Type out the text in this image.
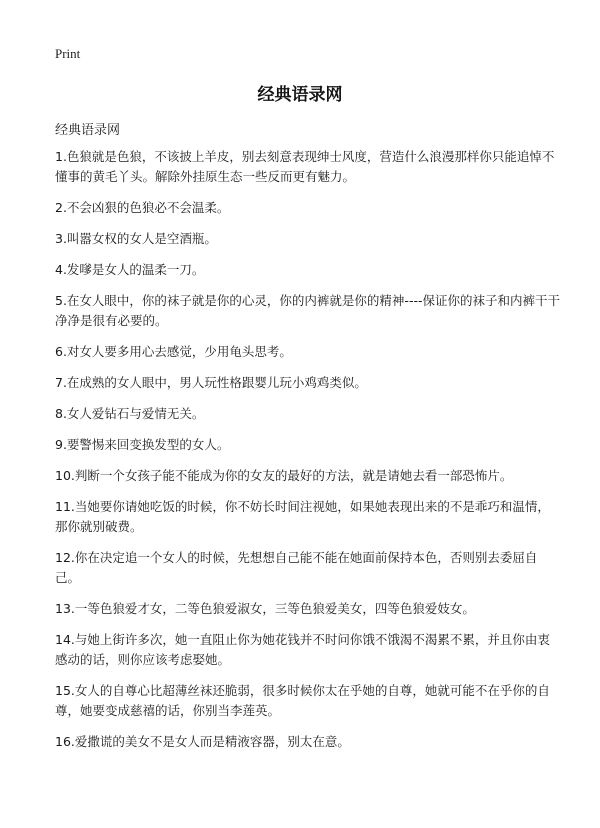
Print
经典语录网

经典语录网

1.色狼就是色狼，不该披上羊皮，别去刻意表现绅士风度，营造什么浪漫那样你只能追悼不懂事的黄毛丫头。解除外挂原生态一些反而更有魅力。
2.不会凶狠的色狼必不会温柔。
3.叫嚣女权的女人是空酒瓶。
4.发嗲是女人的温柔一刀。
5.在女人眼中，你的袜子就是你的心灵，你的内裤就是你的精神----保证你的袜子和内裤干干净净是很有必要的。
6.对女人要多用心去感觉，少用龟头思考。
7.在成熟的女人眼中，男人玩性格跟婴儿玩小鸡鸡类似。
8.女人爱钻石与爱情无关。
9.要警惕来回变换发型的女人。
10.判断一个女孩子能不能成为你的女友的最好的方法，就是请她去看一部恐怖片。
11.当她要你请她吃饭的时候，你不妨长时间注视她，如果她表现出来的不是乖巧和温情，那你就别破费。
12.你在决定追一个女人的时候，先想想自己能不能在她面前保持本色，否则别去委屈自己。
13.一等色狼爱才女，二等色狼爱淑女，三等色狼爱美女，四等色狼爱妓女。
14.与她上街许多次，她一直阻止你为她花钱并不时问你饿不饿渴不渴累不累，并且你由衷感动的话，则你应该考虑娶她。
15.女人的自尊心比超薄丝袜还脆弱，很多时候你太在乎她的自尊，她就可能不在乎你的自尊，她要变成慈禧的话，你别当李莲英。
16.爱撒谎的美女不是女人而是精液容器，别太在意。
